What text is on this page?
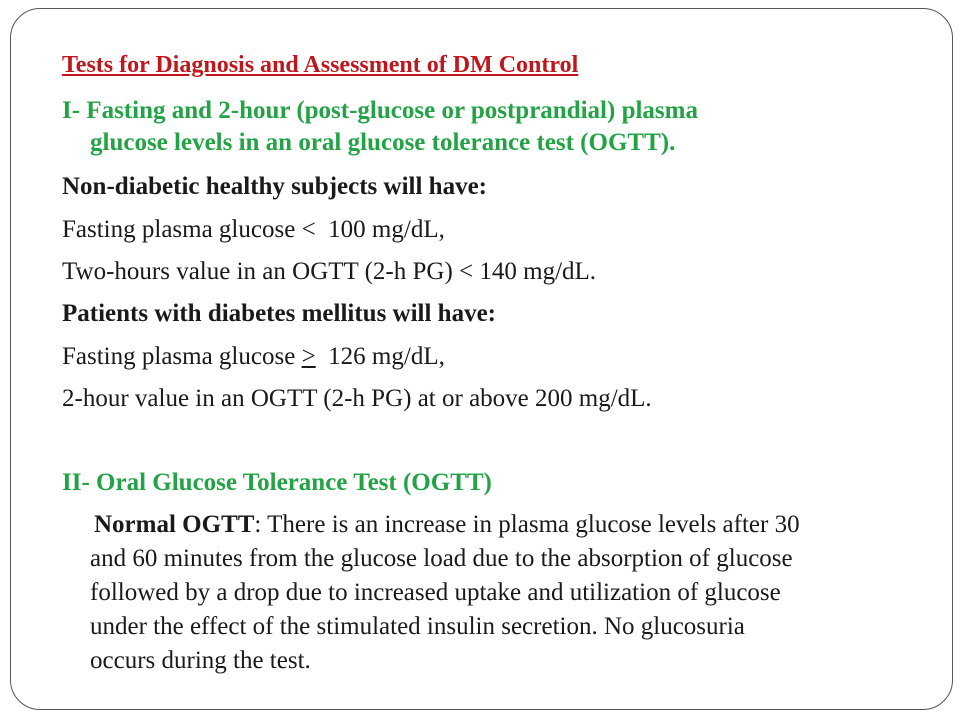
Tests for Diagnosis and Assessment of DM Control
I- Fasting and 2-hour (post-glucose or postprandial) plasma
glucose levels in an oral glucose tolerance test (OGTT).
Non-diabetic healthy subjects will have:
Fasting plasma glucose <  100 mg/dL,
Two-hours value in an OGTT (2-h PG) < 140 mg/dL.
Patients with diabetes mellitus will have:
Fasting plasma glucose ≥  126 mg/dL,
2-hour value in an OGTT (2-h PG) at or above 200 mg/dL.
II- Oral Glucose Tolerance Test (OGTT)
Normal OGTT: There is an increase in plasma glucose levels after 30
and 60 minutes from the glucose load due to the absorption of glucose
followed by a drop due to increased uptake and utilization of glucose
under the effect of the stimulated insulin secretion. No glucosuria
occurs during the test.
